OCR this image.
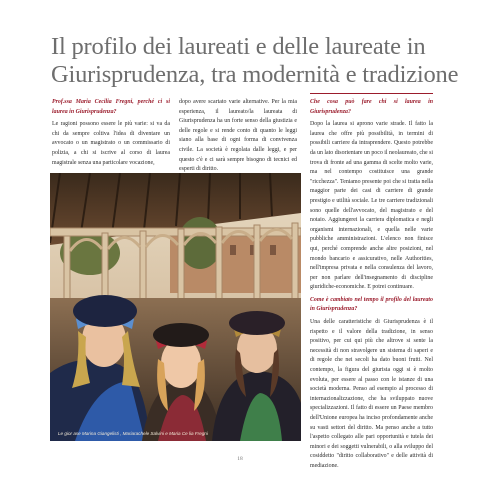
Il profilo dei laureati e delle laureate in
Giurisprudenza, tra modernità e tradizione

Prof.ssa Maria Cecilia Fregni, perché ci si laurea in Giurisprudenza?

Le ragioni possono essere le più varie: si va da chi da sempre coltiva l'idea di diventare un avvocato o un magistrato o un commissario di polizia, a chi si iscrive al corso di laurea magistrale senza una particolare vocazione,

dopo avere scartato varie alternative. Per la mia esperienza, il laureato/la laureata di Giurisprudenza ha un forte senso della giustizia e delle regole e si rende conto di quanto le leggi siano alla base di ogni forma di convivenza civile. La società è regolata dalle leggi, e per questo c'è e ci sarà sempre bisogno di tecnici ed esperti di diritto.

Che cosa può fare chi si laurea in Giurisprudenza?

Dopo la laurea si aprono varie strade. Il fatto la laurea che offre più possibilità, in termini di possibili carriere da intraprendere. Questo potrebbe da un lato disorientare un poco il neolaureato, che si trova di fronte ad una gamma di scelte molto varie, ma nel contempo costituisce una grande "ricchezza". Teniamo presente poi che si tratta nella maggior parte dei casi di carriere di grande prestigio e utilità sociale. Le tre carriere tradizionali sono quelle dell'avvocato, del magistrato e del notaio. Aggiungerei la carriera diplomatica e negli organismi internazionali, e quella nelle varie pubbliche amministrazioni. L'elenco non finisce qui, perché comprende anche altre posizioni, nel mondo bancario e assicurativo, nelle Authorities, nell'impresa privata e nella consulenza del lavoro, per non parlare dell'insegnamento di discipline giuridiche-economiche. E potrei continuare.

Come è cambiato nel tempo il profilo del laureato in Giurisprudenza?

Una delle caratteristiche di Giurisprudenza è il rispetto e il valore della tradizione, in senso positivo, per cui qui più che altrove si sente la necessità di non stravolgere un sistema di saperi e di regole che nei secoli ha dato buoni frutti. Nel contempo, la figura del giurista oggi si è molto evoluta, per essere al passo con le istanze di una società moderna. Penso ad esempio al processo di internazionalizzazione, che ha sviluppato nuove specializzazioni. Il fatto di essere un Paese membro dell'Unione europea ha inciso profondamente anche su vasti settori del diritto. Ma penso anche a tutto l'aspetto collegato alle pari opportunità e tutela dei minori e dei soggetti vulnerabili, o alla sviluppo del cosiddetto "diritto collaborativo" e delle attività di mediazione.

Le gior ase Marina Giangelisti , Mariarachele Salvini e Maria Ce lia Fregni
18
